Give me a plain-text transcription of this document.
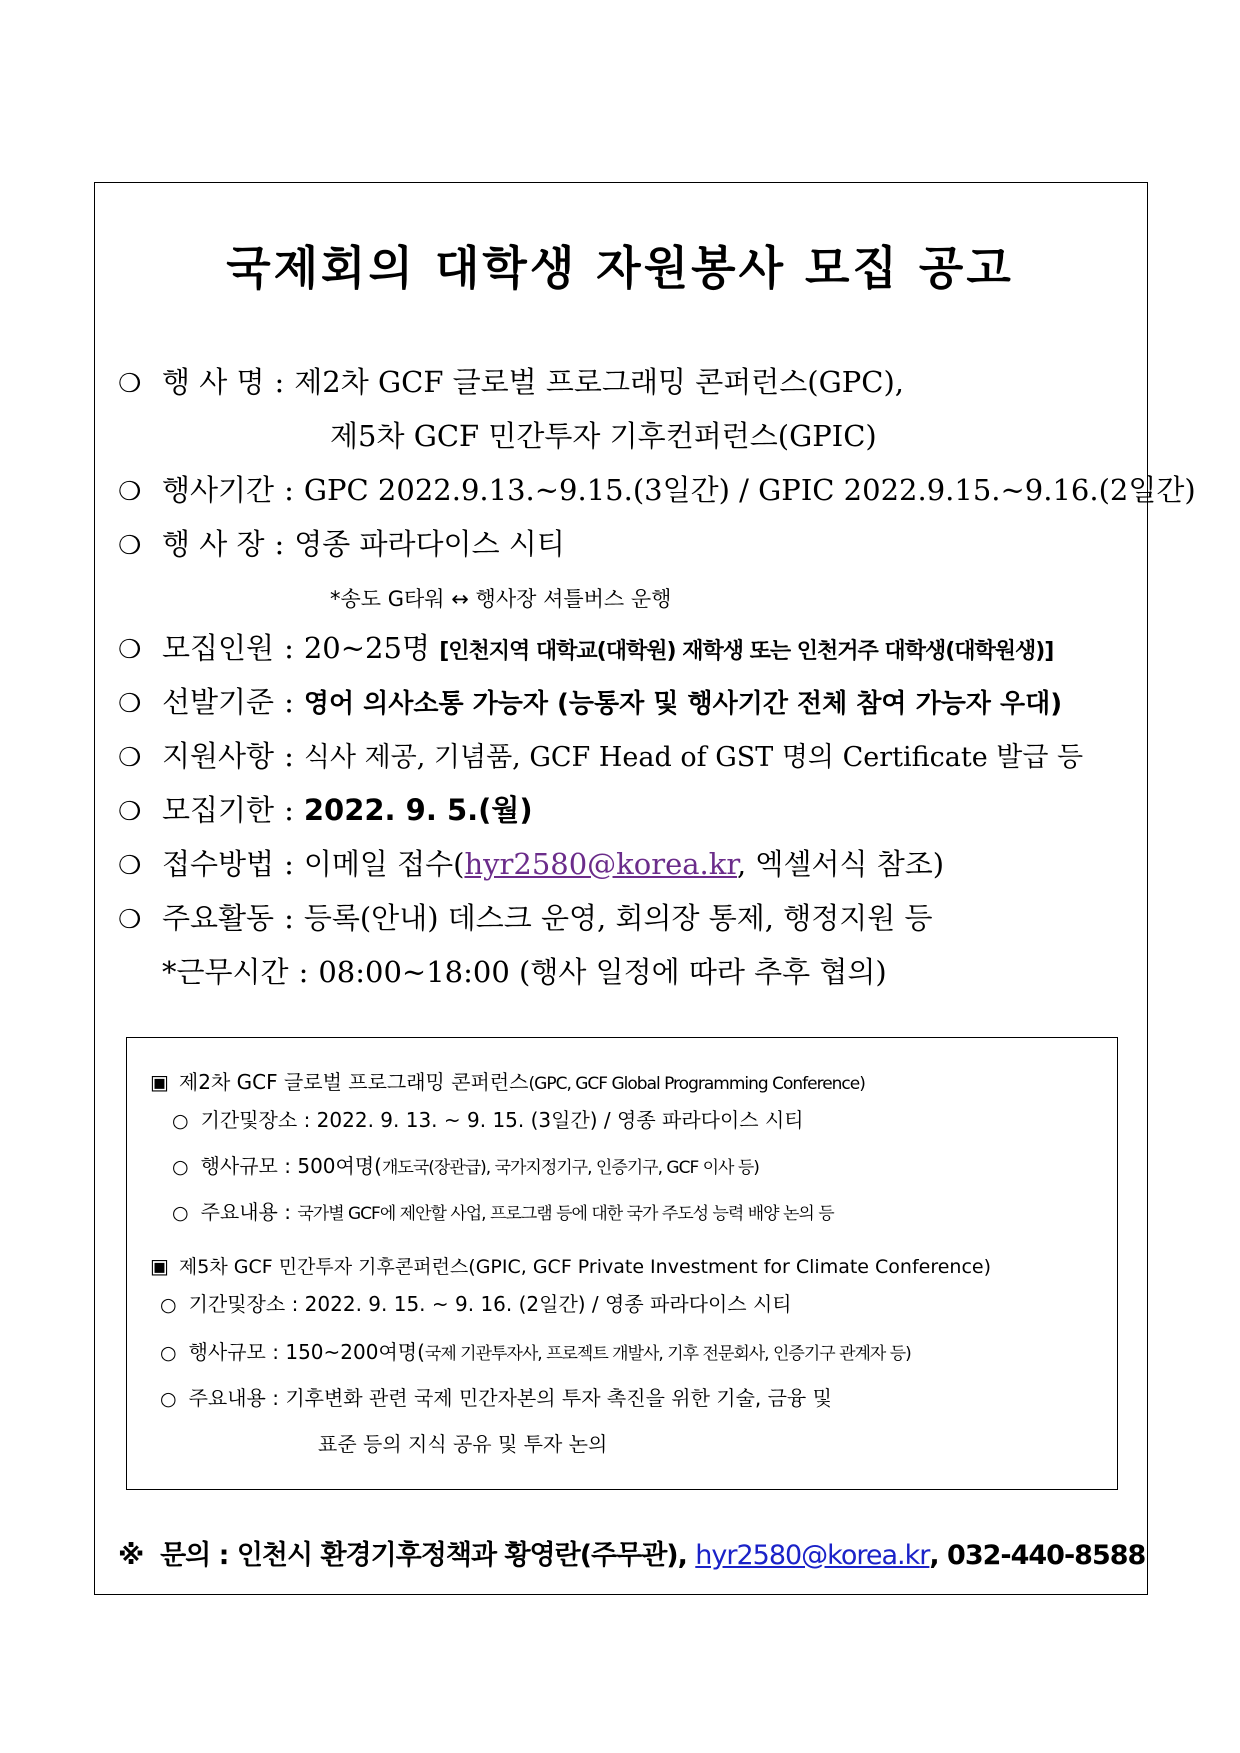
국제회의 대학생 자원봉사 모집 공고
❍ 행 사 명 : 제2차 GCF 글로벌 프로그래밍 콘퍼런스(GPC),
제5차 GCF 민간투자 기후컨퍼런스(GPIC)
❍ 행사기간 : GPC 2022.9.13.~9.15.(3일간) / GPIC 2022.9.15.~9.16.(2일간)
❍ 행 사 장 : 영종 파라다이스 시티
*송도 G타워 ↔ 행사장 셔틀버스 운행
❍ 모집인원 : 20~25명 [인천지역 대학교(대학원) 재학생 또는 인천거주 대학생(대학원생)]
❍ 선발기준 : 영어 의사소통 가능자 (능통자 및 행사기간 전체 참여 가능자 우대)
❍ 지원사항 : 식사 제공, 기념품, GCF Head of GST 명의 Certificate 발급 등
❍ 모집기한 : 2022. 9. 5.(월)
❍ 접수방법 : 이메일 접수(hyr2580@korea.kr, 엑셀서식 참조)
❍ 주요활동 : 등록(안내) 데스크 운영, 회의장 통제, 행정지원 등
*근무시간 : 08:00~18:00 (행사 일정에 따라 추후 협의)
▣ 제2차 GCF 글로벌 프로그래밍 콘퍼런스(GPC, GCF Global Programming Conference)
○ 기간및장소 : 2022. 9. 13. ~ 9. 15. (3일간) / 영종 파라다이스 시티
○ 행사규모 : 500여명(개도국(장관급), 국가지정기구, 인증기구, GCF 이사 등)
○ 주요내용 : 국가별 GCF에 제안할 사업, 프로그램 등에 대한 국가 주도성 능력 배양 논의 등
▣ 제5차 GCF 민간투자 기후콘퍼런스(GPIC, GCF Private Investment for Climate Conference)
○ 기간및장소 : 2022. 9. 15. ~ 9. 16. (2일간) / 영종 파라다이스 시티
○ 행사규모 : 150~200여명(국제 기관투자사, 프로젝트 개발사, 기후 전문회사, 인증기구 관계자 등)
○ 주요내용 : 기후변화 관련 국제 민간자본의 투자 촉진을 위한 기술, 금융 및
표준 등의 지식 공유 및 투자 논의
※ 문의 : 인천시 환경기후정책과 황영란(주무관), hyr2580@korea.kr, 032-440-8588
